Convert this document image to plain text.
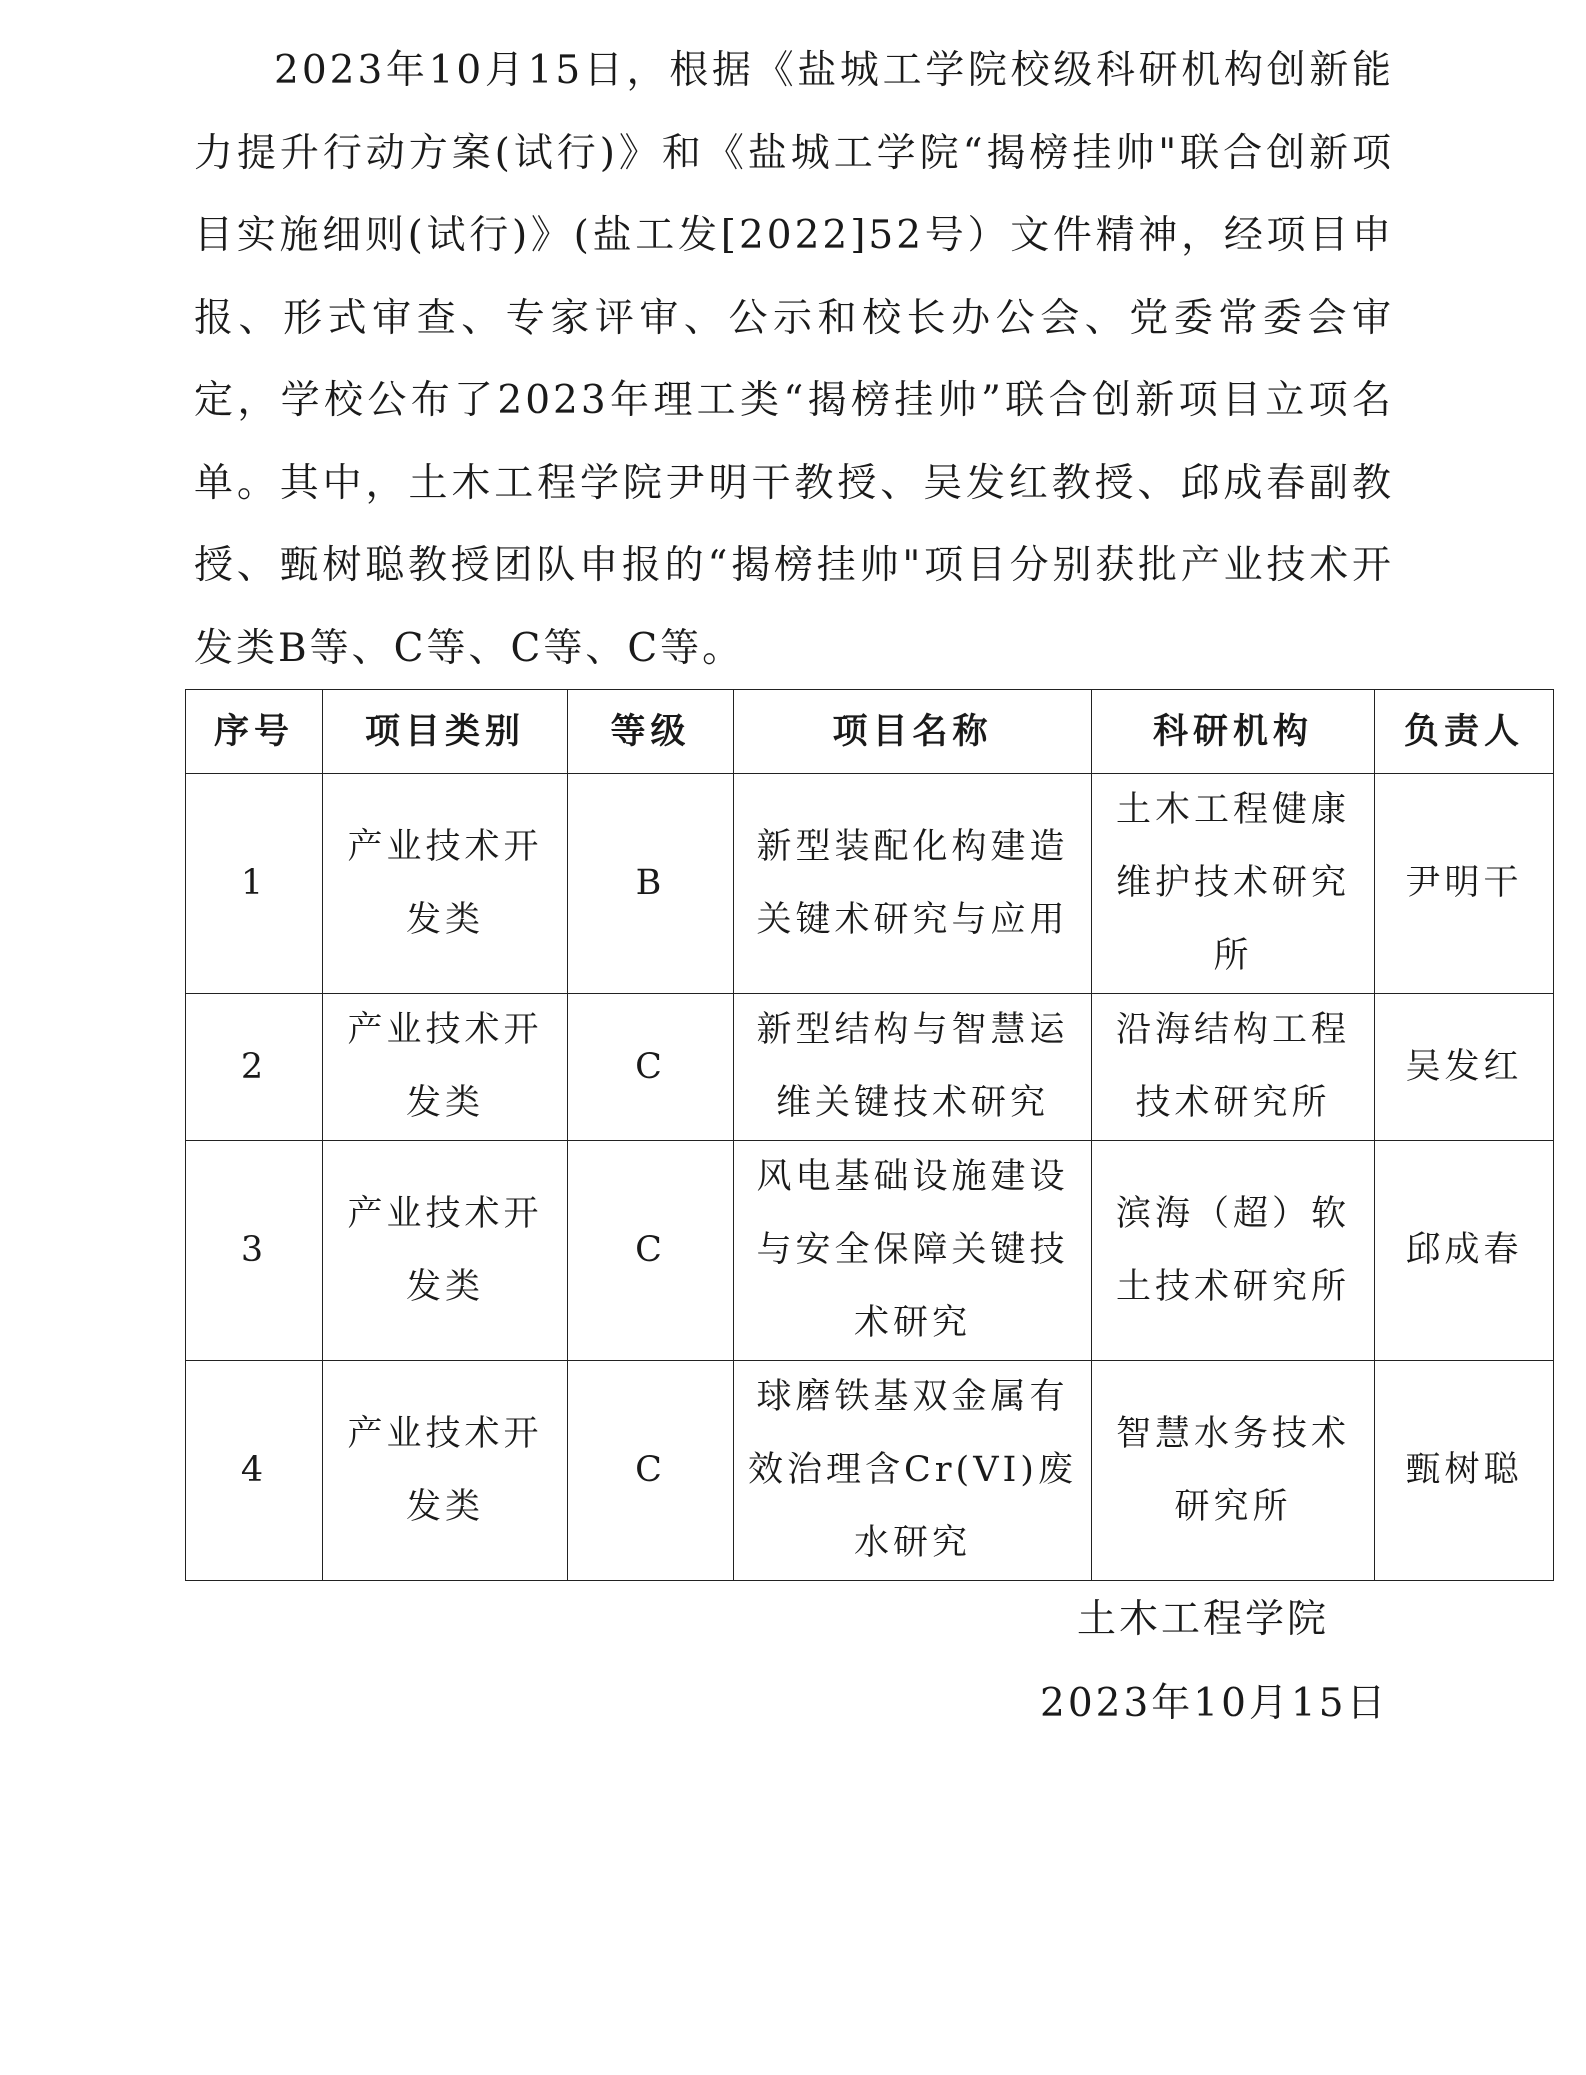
2023年10月15日，根据《盐城工学院校级科研机构创新能力提升行动方案(试行)》和《盐城工学院“揭榜挂帅"联合创新项目实施细则(试行)》(盐工发[2022]52号）文件精神，经项目申报、形式审查、专家评审、公示和校长办公会、党委常委会审定，学校公布了2023年理工类“揭榜挂帅”联合创新项目立项名单。其中，土木工程学院尹明干教授、吴发红教授、邱成春副教授、甄树聪教授团队申报的“揭榜挂帅"项目分别获批产业技术开发类B等、C等、C等、C等。

序号	项目类别	等级	项目名称	科研机构	负责人
1	产业技术开发类	B	新型装配化构建造关键术研究与应用	土木工程健康维护技术研究所	尹明干
2	产业技术开发类	C	新型结构与智慧运维关键技术研究	沿海结构工程技术研究所	吴发红
3	产业技术开发类	C	风电基础设施建设与安全保障关键技术研究	滨海（超）软土技术研究所	邱成春
4	产业技术开发类	C	球磨铁基双金属有效治理含Cr(VI)废水研究	智慧水务技术研究所	甄树聪
土木工程学院
2023年10月15日
